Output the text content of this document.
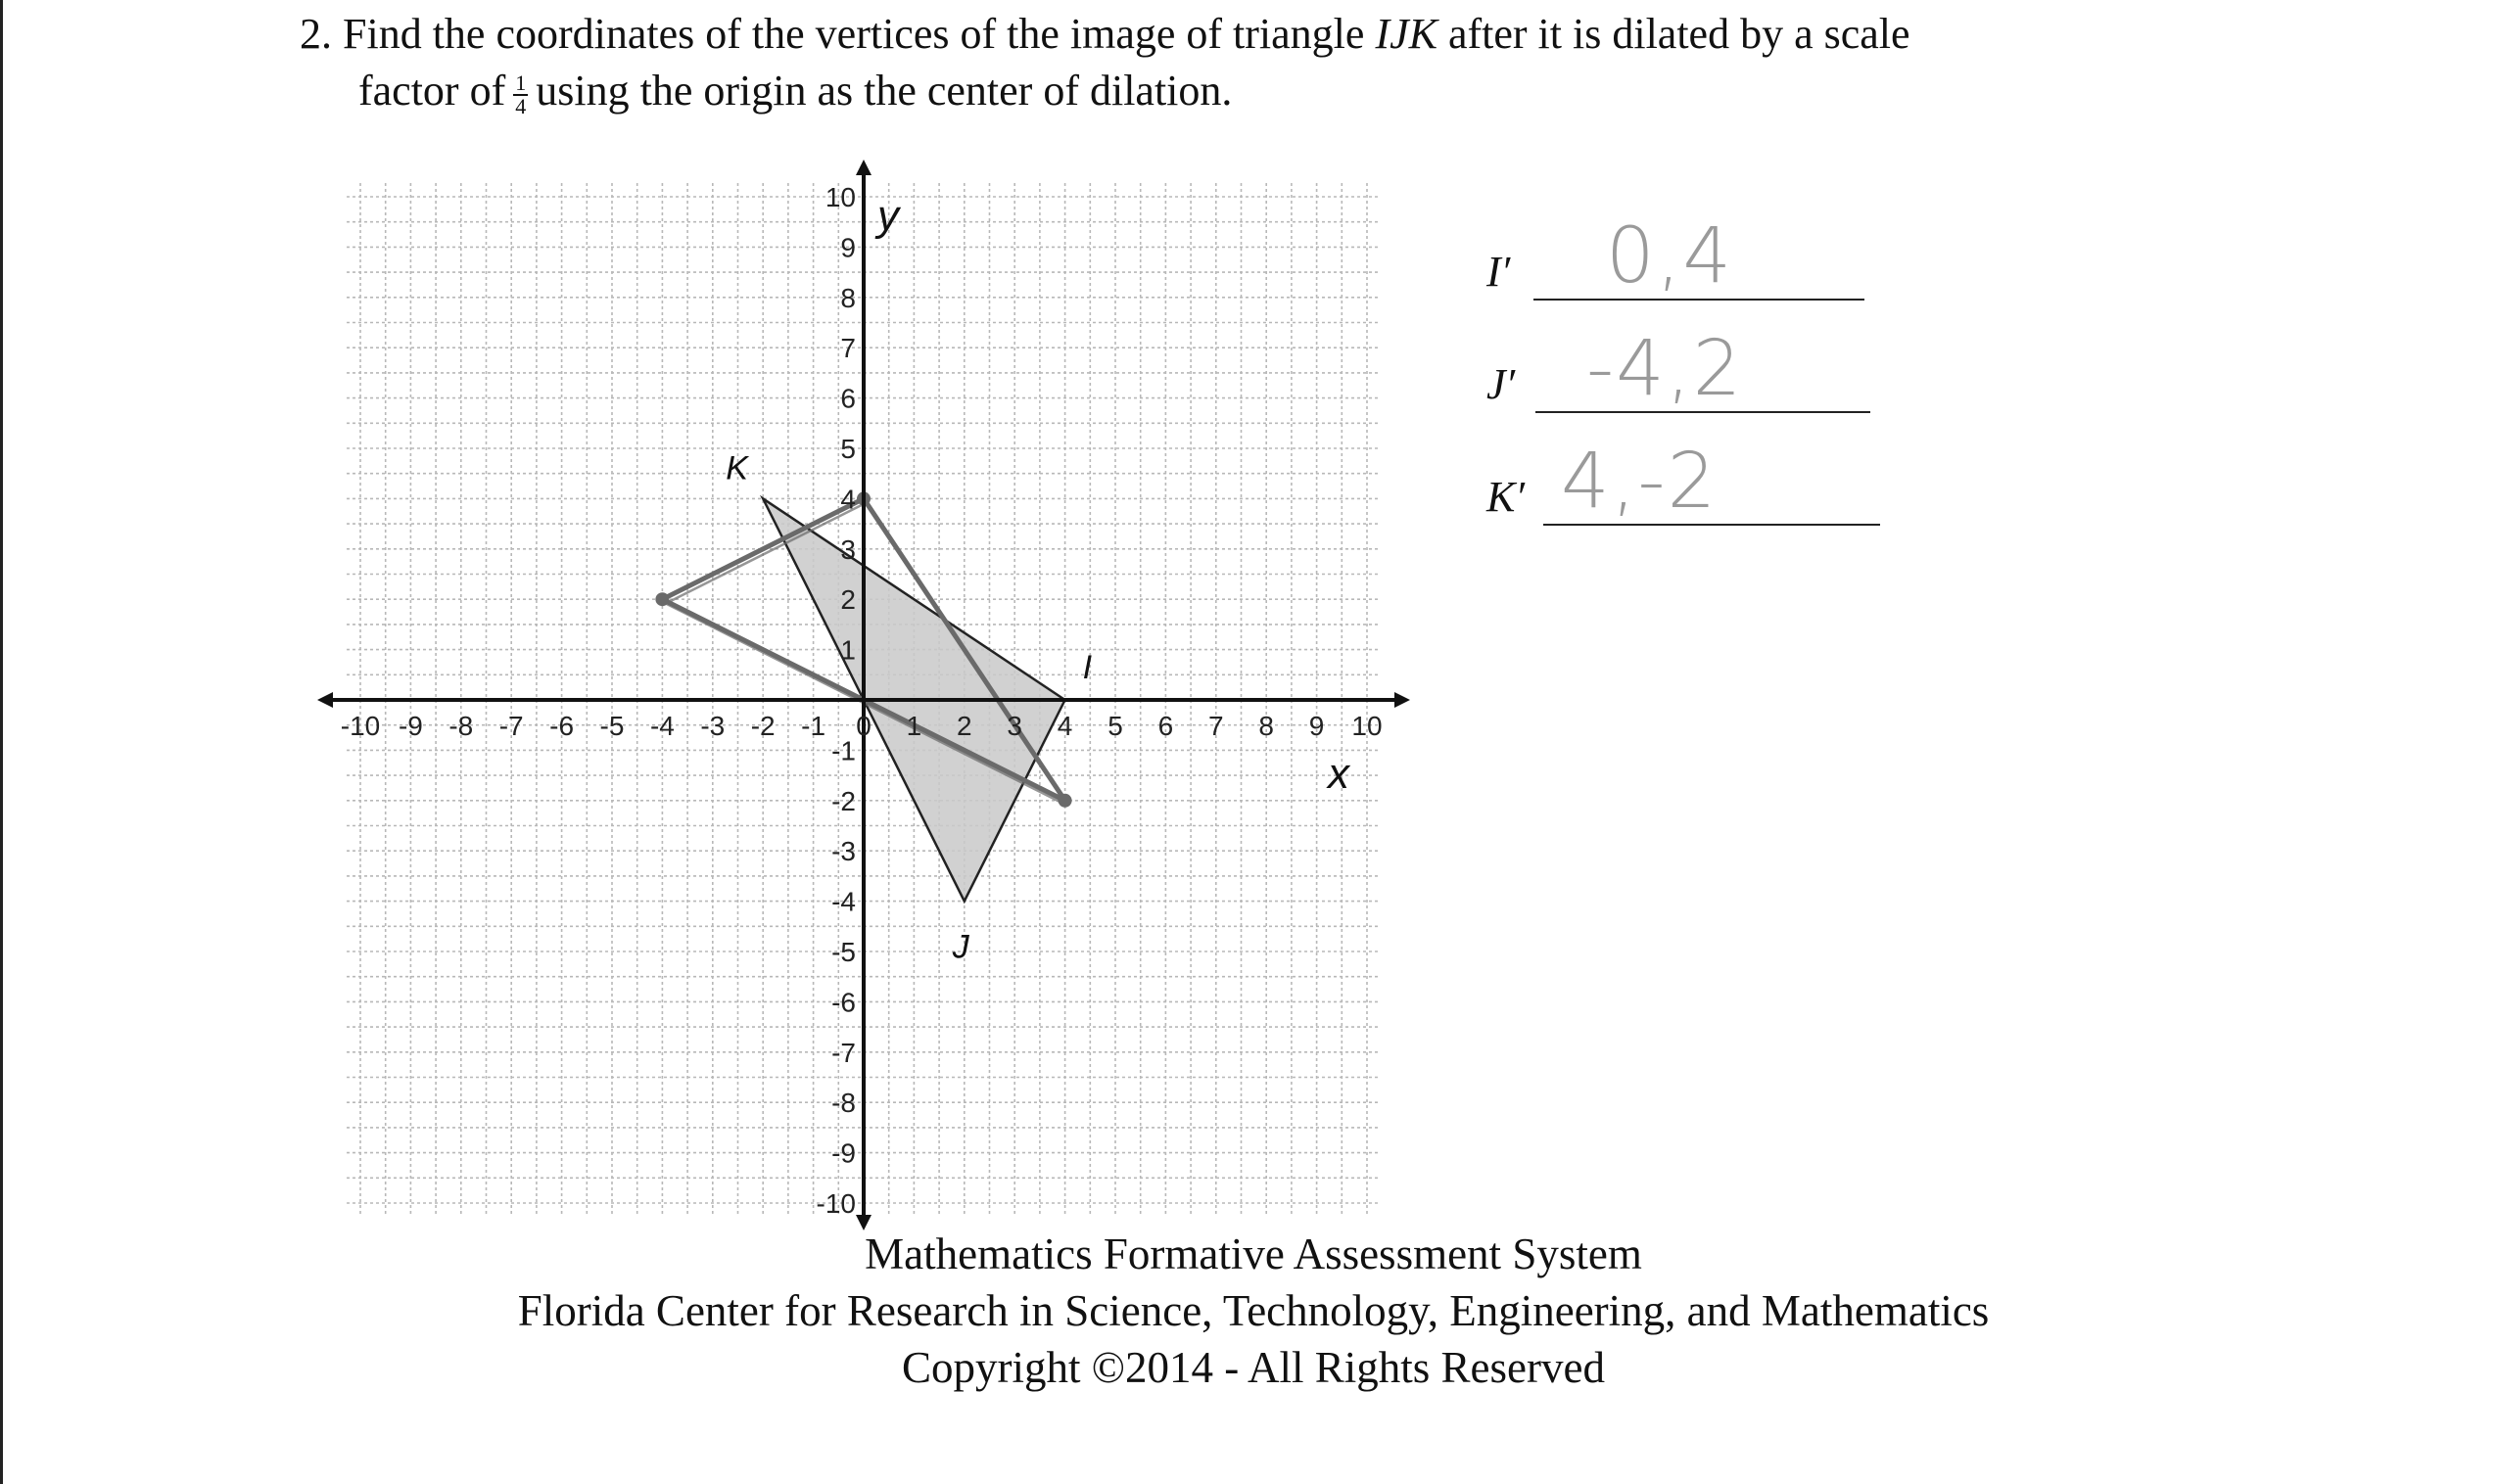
2. Find the coordinates of the vertices of the image of triangle IJK after it is dilated by a scale
factor of $\frac{1}{4}$ using the origin as the center of dilation.
-10 -9 -8 -7 -6 -5 -4 -3 -2 -1 0 1 2 3 4 5 6 7 8 9 10
-10
-9
-8
-7
-6
-5
-4
-3
-2
-1
1
2
3
4
5
6
7
8
9
10
x
y
I
J
K
I′ 0,4
J′ -4,2
K′ 4,-2
Mathematics Formative Assessment System
Florida Center for Research in Science, Technology, Engineering, and Mathematics
Copyright ©2014 - All Rights Reserved
